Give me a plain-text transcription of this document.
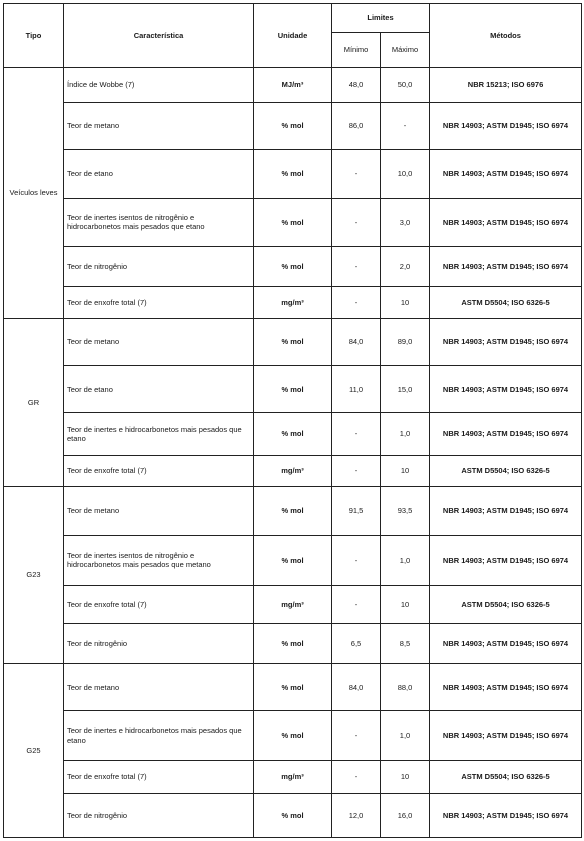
Tipo	Característica	Unidade	Limites		Métodos
			Mínimo	Máximo	
Veículos leves	Índice de Wobbe (7)	MJ/m³	48,0	50,0	NBR 15213; ISO 6976
	Teor de metano	% mol	86,0	-	NBR 14903; ASTM D1945; ISO 6974
	Teor de etano	% mol	-	10,0	NBR 14903; ASTM D1945; ISO 6974
	Teor de inertes isentos de nitrogênio e hidrocarbonetos mais pesados que etano	% mol	-	3,0	NBR 14903; ASTM D1945; ISO 6974
	Teor de nitrogênio	% mol	-	2,0	NBR 14903; ASTM D1945; ISO 6974
	Teor de enxofre total (7)	mg/m³	-	10	ASTM D5504; ISO 6326-5
GR	Teor de metano	% mol	84,0	89,0	NBR 14903; ASTM D1945; ISO 6974
	Teor de etano	% mol	11,0	15,0	NBR 14903; ASTM D1945; ISO 6974
	Teor de inertes e hidrocarbonetos mais pesados que etano	% mol	-	1,0	NBR 14903; ASTM D1945; ISO 6974
	Teor de enxofre total (7)	mg/m³	-	10	ASTM D5504; ISO 6326-5
G23	Teor de metano	% mol	91,5	93,5	NBR 14903; ASTM D1945; ISO 6974
	Teor de inertes isentos de nitrogênio e hidrocarbonetos mais pesados que metano	% mol	-	1,0	NBR 14903; ASTM D1945; ISO 6974
	Teor de enxofre total (7)	mg/m³	-	10	ASTM D5504; ISO 6326-5
	Teor de nitrogênio	% mol	6,5	8,5	NBR 14903; ASTM D1945; ISO 6974
G25	Teor de metano	% mol	84,0	88,0	NBR 14903; ASTM D1945; ISO 6974
	Teor de inertes e hidrocarbonetos mais pesados que etano	% mol	-	1,0	NBR 14903; ASTM D1945; ISO 6974
	Teor de enxofre total (7)	mg/m³	-	10	ASTM D5504; ISO 6326-5
	Teor de nitrogênio	% mol	12,0	16,0	NBR 14903; ASTM D1945; ISO 6974
